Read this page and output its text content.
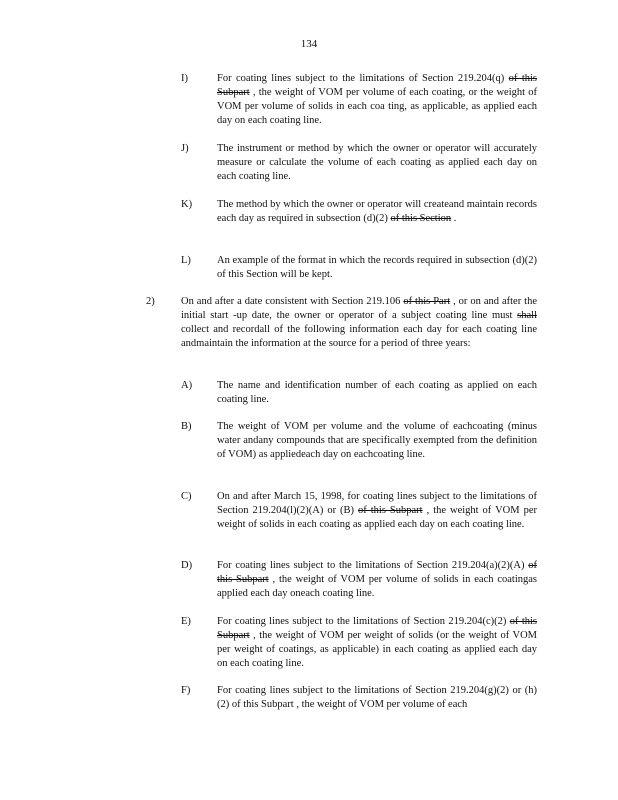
134
I)	For coating lines subject to the limitations of Section 219.204(q) of this Subpart , the weight of VOM per volume of each coating, or the weight of VOM per volume of solids in each coa ting, as applicable, as applied each day on each coating line.
J)	The instrument or method by which the owner or operator will accurately measure or calculate the volume of each coating as applied each day on each coating line.
K) The method by which the owner or operator will createand maintain records each day as required in subsection (d)(2) of this Section .
L) An example of the format in which the records required in subsection (d)(2) of this Section will be kept.
2)	On and after a date consistent with Section 219.106 of this Part , or on and after the initial start -up date, the owner or operator of a subject coating line must shall collect and recordall of the following information each day for each coating line andmaintain the information at the source for a period of three years:
A) The name and identification number of each coating as applied on each coating line.
B) The weight of VOM per volume and the volume of eachcoating (minus water andany compounds that are specifically exempted from the definition of VOM) as appliedeach day on eachcoating line.
C) On and after March 15, 1998, for coating lines subject to the limitations of Section 219.204(l)(2)(A) or (B) of this Subpart , the weight of VOM per weight of solids in each coating as applied each day on each coating line.
D) For coating lines subject to the limitations of Section 219.204(a)(2)(A) of this Subpart , the weight of VOM per volume of solids in each coatingas applied each day oneach coating line.
E) For coating lines subject to the limitations of Section 219.204(c)(2) of this Subpart , the weight of VOM per weight of solids (or the weight of VOM per weight of coatings, as applicable) in each coating as applied each day on each coating line.
F)	For coating lines subject to the limitations of Section 219.204(g)(2) or (h)(2) of this Subpart , the weight of VOM per volume of each
